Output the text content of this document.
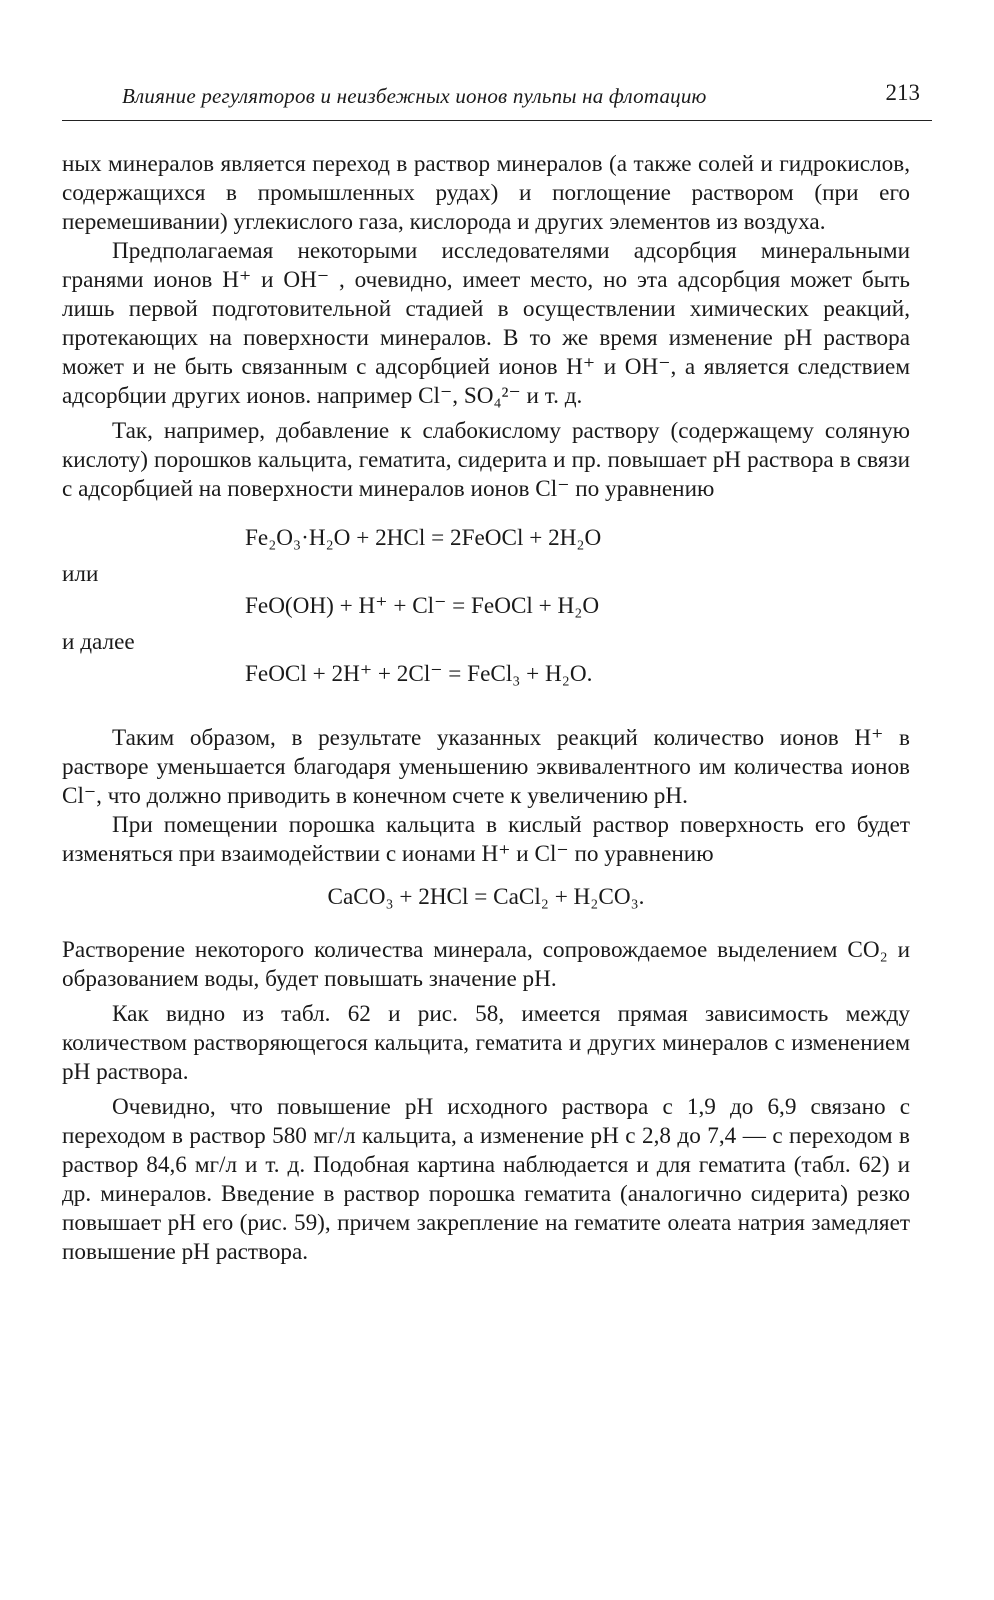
Влияние регуляторов и неизбежных ионов пульпы на флотацию	213

ных минералов является переход в раствор минералов (а также солей и гидрокислов, содержащихся в промышленных рудах) и поглощение раствором (при его перемешивании) углекислого газа, кислорода и других элементов из воздуха.

Предполагаемая некоторыми исследователями адсорбция минеральными гранями ионов H⁺ и OH⁻ , очевидно, имеет место, но эта адсорбция может быть лишь первой подготовительной стадией в осуществлении химических реакций, протекающих на поверхности минералов. В то же время изменение pH раствора может и не быть связанным с адсорбцией ионов H⁺ и OH⁻, а является следствием адсорбции других ионов. например Cl⁻, SO₄²⁻ и т. д.

Так, например, добавление к слабокислому раствору (содержащему соляную кислоту) порошков кальцита, гематита, сидерита и пр. повышает pH раствора в связи с адсорбцией на поверхности минералов ионов Cl⁻ по уравнению

Fe₂O₃·H₂O + 2HCl = 2FeOCl + 2H₂O
или
FeO(OH) + H⁺ + Cl⁻ = FeOCl + H₂O
и далее
FeOCl + 2H⁺ + 2Cl⁻ = FeCl₃ + H₂O.

Таким образом, в результате указанных реакций количество ионов H⁺ в растворе уменьшается благодаря уменьшению эквивалентного им количества ионов Cl⁻, что должно приводить в конечном счете к увеличению pH.

При помещении порошка кальцита в кислый раствор поверхность его будет изменяться при взаимодействии с ионами H⁺ и Cl⁻ по уравнению

CaCO₃ + 2HCl = CaCl₂ + H₂CO₃.

Растворение некоторого количества минерала, сопровождаемое выделением CO₂ и образованием воды, будет повышать значение pH.

Как видно из табл. 62 и рис. 58, имеется прямая зависимость между количеством растворяющегося кальцита, гематита и других минералов с изменением pH раствора.

Очевидно, что повышение pH исходного раствора с 1,9 до 6,9 связано с переходом в раствор 580 мг/л кальцита, а изменение pH с 2,8 до 7,4 — с переходом в раствор 84,6 мг/л и т. д. Подобная картина наблюдается и для гематита (табл. 62) и др. минералов. Введение в раствор порошка гематита (аналогично сидерита) резко повышает pH его (рис. 59), причем закрепление на гематите олеата натрия замедляет повышение pH раствора.
